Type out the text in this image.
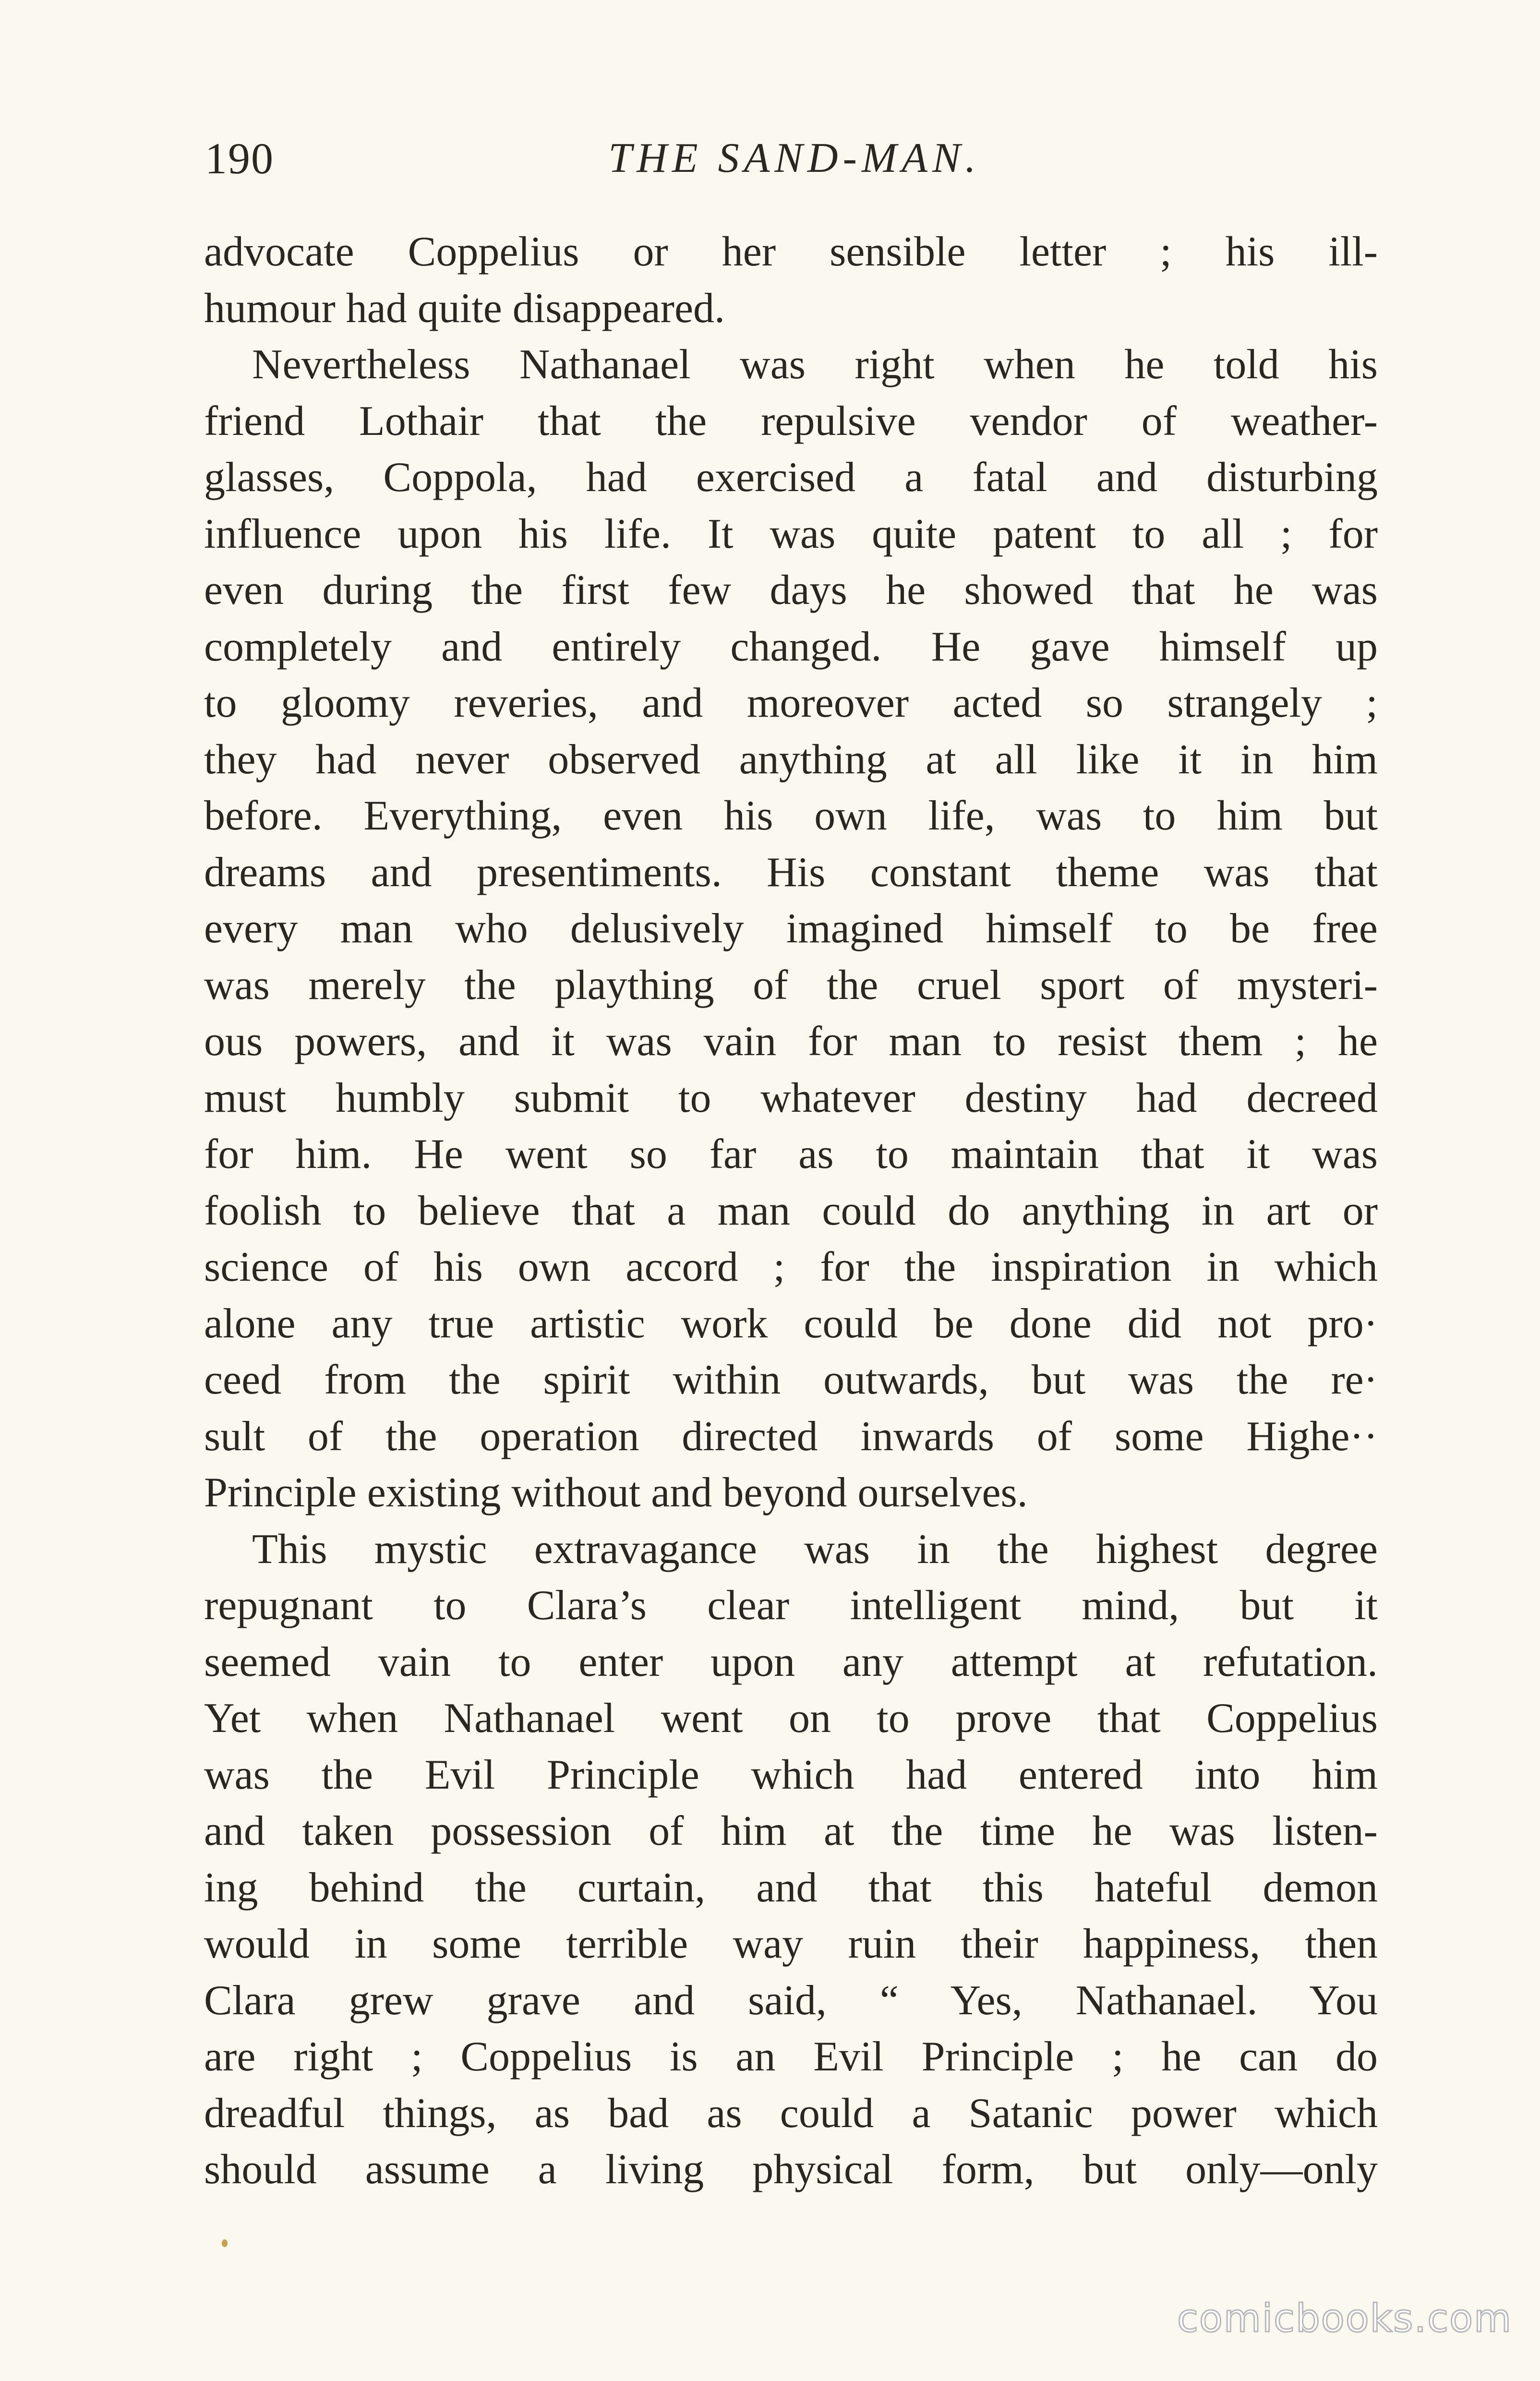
190	THE SAND-MAN.
advocate Coppelius or her sensible letter ; his ill-
humour had quite disappeared.
Nevertheless Nathanael was right when he told his
friend Lothair that the repulsive vendor of weather-
glasses, Coppola, had exercised a fatal and disturbing
influence upon his life. It was quite patent to all ; for
even during the first few days he showed that he was
completely and entirely changed. He gave himself up
to gloomy reveries, and moreover acted so strangely ;
they had never observed anything at all like it in him
before. Everything, even his own life, was to him but
dreams and presentiments. His constant theme was that
every man who delusively imagined himself to be free
was merely the plaything of the cruel sport of mysteri-
ous powers, and it was vain for man to resist them ; he
must humbly submit to whatever destiny had decreed
for him. He went so far as to maintain that it was
foolish to believe that a man could do anything in art or
science of his own accord ; for the inspiration in which
alone any true artistic work could be done did not pro·
ceed from the spirit within outwards, but was the re·
sult of the operation directed inwards of some Highe··
Principle existing without and beyond ourselves.
This mystic extravagance was in the highest degree
repugnant to Clara’s clear intelligent mind, but it
seemed vain to enter upon any attempt at refutation.
Yet when Nathanael went on to prove that Coppelius
was the Evil Principle which had entered into him
and taken possession of him at the time he was listen-
ing behind the curtain, and that this hateful demon
would in some terrible way ruin their happiness, then
Clara grew grave and said, “ Yes, Nathanael. You
are right ; Coppelius is an Evil Principle ; he can do
dreadful things, as bad as could a Satanic power which
should assume a living physical form, but only—only
comicbooks.com
